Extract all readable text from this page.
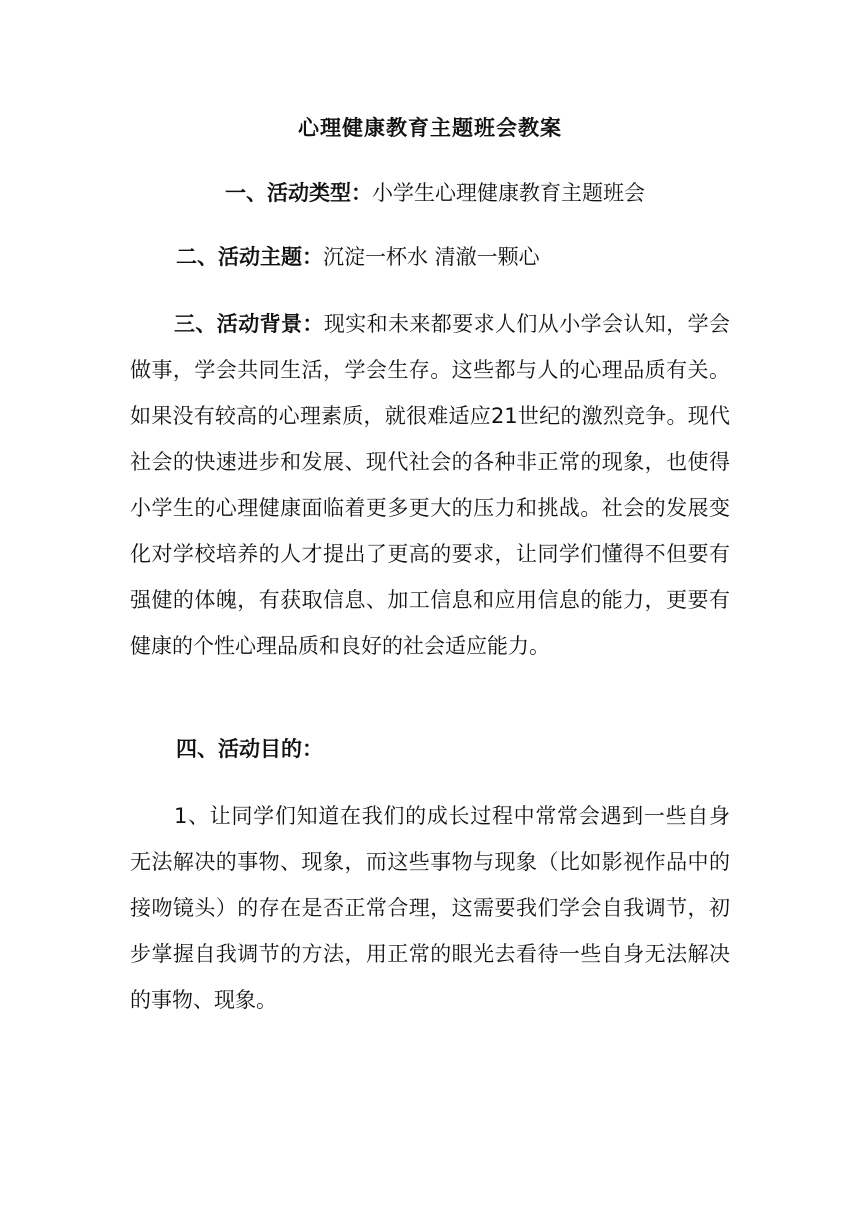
心理健康教育主题班会教案
一、活动类型：小学生心理健康教育主题班会
二、活动主题：沉淀一杯水 清澈一颗心
三、活动背景：现实和未来都要求人们从小学会认知，学会做事，学会共同生活，学会生存。这些都与人的心理品质有关。如果没有较高的心理素质，就很难适应21世纪的激烈竞争。现代社会的快速进步和发展、现代社会的各种非正常的现象，也使得小学生的心理健康面临着更多更大的压力和挑战。社会的发展变化对学校培养的人才提出了更高的要求，让同学们懂得不但要有强健的体魄，有获取信息、加工信息和应用信息的能力，更要有健康的个性心理品质和良好的社会适应能力。
四、活动目的：
1、让同学们知道在我们的成长过程中常常会遇到一些自身无法解决的事物、现象，而这些事物与现象（比如影视作品中的接吻镜头）的存在是否正常合理，这需要我们学会自我调节，初步掌握自我调节的方法，用正常的眼光去看待一些自身无法解决的事物、现象。
